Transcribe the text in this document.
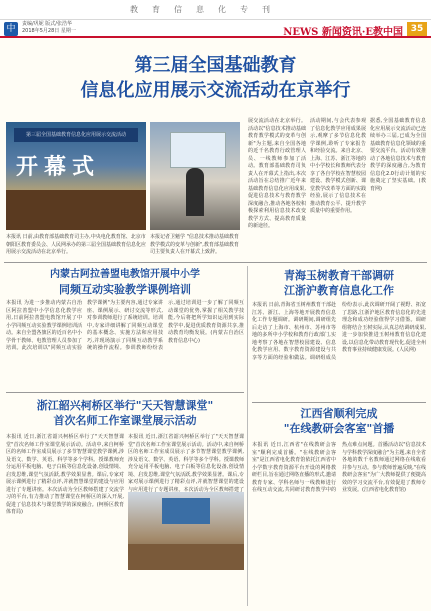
教育信息化专刊
中	责编/巩妮 版式/张浩华
2018年5月28日 星期一	NEWS 新闻资讯·E教中国 35
第三届全国基础教育
信息化应用展示交流活动在京举行
第三届全国基础教育信息化应用展示交流活动
开幕式
本报讯 日前,由教育部基础教育司主办,中央电化教育馆、北京市朝阳区教育委员会、人民网承办的第三届全国基础教育信息化应用展示交流活动在北京举行。
本报记者卫魁学 "信息技术推动基础教育教学模式的变革与创新",教育部基础教育司主要负责人在开幕式上致辞。
展交流活动在北京举行。活动以"信息技术推动基础教育教学模式的变革与创新"为主题,来自全国各地的近千名教育行政管理人员、一线教师参加了活动。教育部基础教育司负责人在开幕式上指出,本次活动旨在总结推广近年来基础教育信息化应用成果,促进信息技术与教育教学深度融合,推动各地各校积极探索利用信息技术改变教学方式、提高教育质量的新途径。
活动期间,与会代表参观了信息化教学应用成果展示,观摩了多节信息化教学课例,聆听了专家报告和经验交流。来自北京、上海、江苏、浙江等地的中小学校长和教师代表分享了各自学校在智慧校园建设、教学模式创新、课堂教学改革等方面的实践经验,展示了信息技术在推动教育公平、提升教学质量中的重要作用。
据悉,全国基础教育信息化应用展示交流活动已连续举办三届,已成为全国基础教育信息化领域的重要交流平台。活动有效推动了各地信息技术与教育教学的深度融合,为教育信息化2.0行动计划的实施奠定了坚实基础。(教育网)
内蒙古阿拉善盟电教馆开展中小学
同频互动实验教学课例培训
本报讯 为进一步推动内蒙古自治区阿拉善盟中小学信息化教学应用,日前阿拉善盟电教馆开展了中小学同频互动实验教学课例培训活动。来自全盟各旗区的近百名中小学骨干教师、电教管理人员参加了培训。此次培训以"同频互动实验教学课例"为主要内容,通过专家讲座、课例展示、研讨交流等形式,对参训教师进行了系统培训。培训中,专家详细讲解了同频互动课堂的基本概念、实施方法和应用技巧,并现场演示了同频互动教学系统的操作流程。参训教师纷纷表示,通过培训进一步了解了同频互动课堂的优势,掌握了相关教学技能,今后将把所学知识运用到实际教学中,促进优质教育资源共享,推动教育均衡发展。(内蒙古自治区教育信息中心)
浙江韶兴柯桥区举行"天天智慧课堂"
首次名师工作室课堂展示活动
本报讯 近日,浙江省韶兴柯桥区举行了"天天智慧课堂"首次名师工作室课堂展示活动。活动中,来自柯桥区的名师工作室成员展示了多节智慧课堂教学课例,涉及语文、数学、英语、科学等多个学科。授课教师充分运用平板电脑、电子白板等信息化设备,创设情境、启发思维,课堂气氛活跃,教学效果显著。课后,专家对展示课例进行了精彩点评,并就智慧课堂的建设与应用进行了专题讲座。本次活动为全区教师搭建了交流学习的平台,有力推动了智慧课堂在柯桥区的深入开展,促进了信息技术与课堂教学的深度融合。(柯桥区教育体育局)
本报讯 近日,浙江省韶兴柯桥区举行了"天天智慧课堂"首次名师工作室课堂展示活动。活动中,来自柯桥区的名师工作室成员展示了多节智慧课堂教学课例,涉及语文、数学、英语、科学等多个学科。授课教师充分运用平板电脑、电子白板等信息化设备,创设情境、启发思维,课堂气氛活跃,教学效果显著。课后,专家对展示课例进行了精彩点评,并就智慧课堂的建设与应用进行了专题讲座。本次活动为全区教师搭建了
青海玉树教育干部调研
江浙沪教育信息化工作
本报讯 日前,青海省玉树州教育干部赴江苏、浙江、上海等地开展教育信息化工作专题调研。调研期间,调研组先后走访了上海市、杭州市、苏州市等地的多所中小学校和教育行政部门,实地考察了各地在智慧校园建设、信息化教学应用、数字教育资源建设与共享等方面的经验和做法。调研组成员纷纷表示,此次调研开阔了视野、拓宽了思路,江浙沪地区教育信息化的先进理念和成功经验值得学习借鉴。调研组将结合玉树实际,认真总结调研成果,进一步加快推进玉树州教育信息化建设,以信息化带动教育现代化,促进全州教育事业持续健康发展。(人民网)
江西省顺利完成
"在线教研会客室"首播
本报讯 近日,江西省"在线教研会客室"顺利完成首播。"在线教研会客室"是江西省电化教育馆依托江西省中小学数字教育资源平台开设的网络教研栏目,旨在通过网络直播的形式,邀请教育专家、学科名师与一线教师进行在线互动交流,共同研讨教育教学中的热点难点问题。首播活动以"信息技术与学科教学深度融合"为主题,来自全省各地的数千名教师通过网络在线收看并参与互动。参与教师普遍反映,"在线教研会客室"为广大教师提供了便捷高效的学习交流平台,有效促进了教师专业发展。(江西省电化教育馆)
